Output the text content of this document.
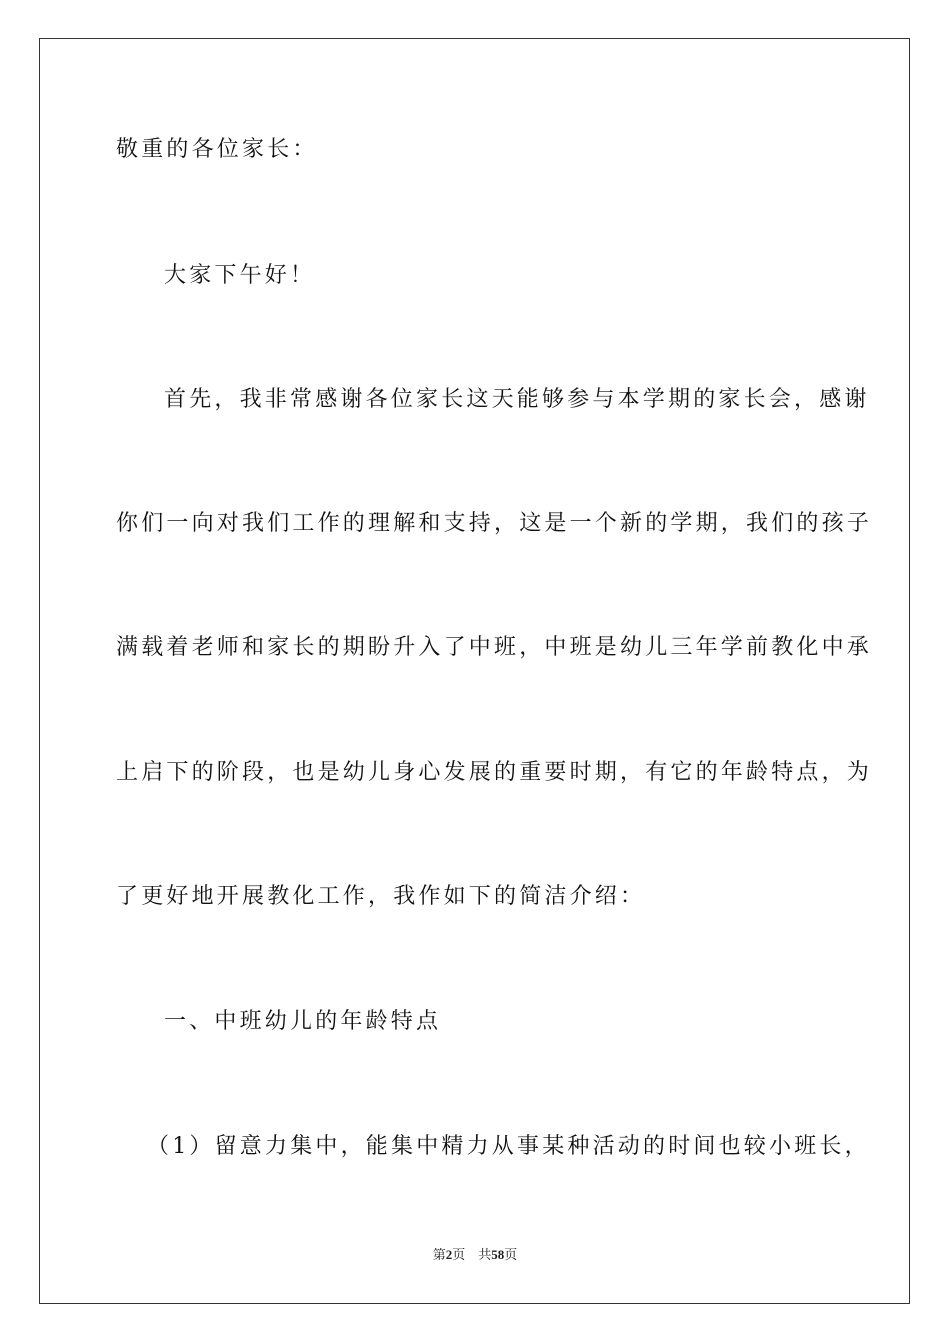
敬重的各位家长：
大家下午好！
首先，我非常感谢各位家长这天能够参与本学期的家长会，感谢
你们一向对我们工作的理解和支持，这是一个新的学期，我们的孩子
满载着老师和家长的期盼升入了中班，中班是幼儿三年学前教化中承
上启下的阶段，也是幼儿身心发展的重要时期，有它的年龄特点，为
了更好地开展教化工作，我作如下的简洁介绍：
一、中班幼儿的年龄特点
（1）留意力集中，能集中精力从事某种活动的时间也较小班长，
第2页 共58页
